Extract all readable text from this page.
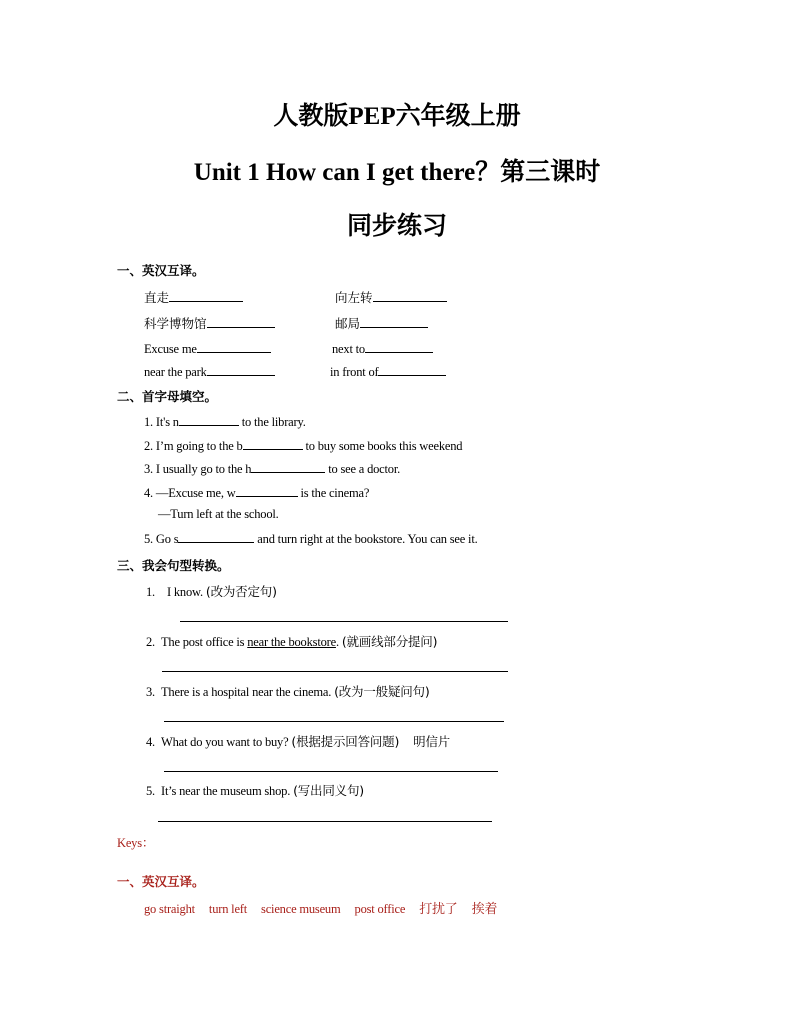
人教版PEP六年级上册
Unit 1 How can I get there？第三课时
同步练习
一、英汉互译。
直走	向左转
科学博物馆	邮局
Excuse me	next to
near the park	in front of
二、首字母填空。
1. It's n	to the library.
2. I’m going to the b	to buy some books this weekend
3. I usually go to the h	to see a doctor.
4. —Excuse me, w	is the cinema?
—Turn left at the school.
5. Go s	and turn right at the bookstore. You can see it.
三、我会句型转换。
1. I know. (改为否定句)
2. The post office is near the bookstore. (就画线部分提问)
3. There is a hospital near the cinema. (改为一般疑问句)
4. What do you want to buy? (根据提示回答问题) 明信片
5. It’s near the museum shop. (写出同义句)
Keys：
一、英汉互译。
go straight turn left science museum post office 打扰了 挨着
